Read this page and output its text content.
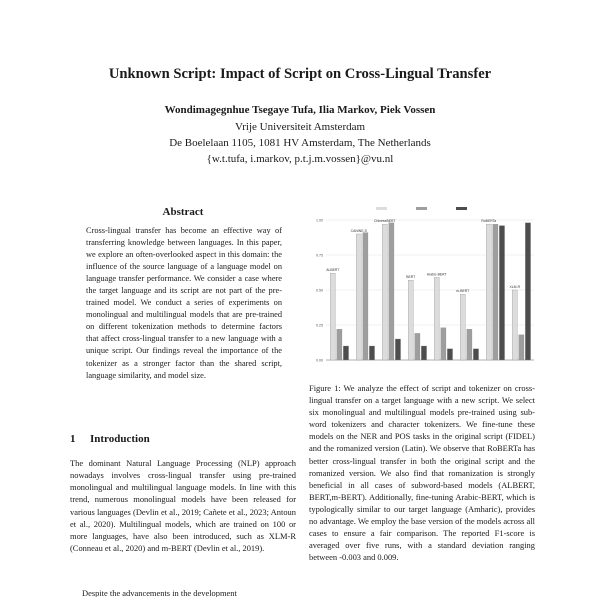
Unknown Script: Impact of Script on Cross-Lingual Transfer
Wondimagegnhue Tsegaye Tufa, Ilia Markov, Piek Vossen
Vrije Universiteit Amsterdam
De Boelelaan 1105, 1081 HV Amsterdam, The Netherlands
{w.t.tufa, i.markov, p.t.j.m.vossen}@vu.nl
Abstract

Cross-lingual transfer has become an effective way of transferring knowledge between languages. In this paper, we explore an often-overlooked aspect in this domain: the influence of the source language of a language model on language transfer performance. We consider a case where the target language and its script are not part of the pre-trained model. We conduct a series of experiments on monolingual and multilingual models that are pre-trained on different tokenization methods to determine factors that affect cross-lingual transfer to a new language with a unique script. Our findings reveal the importance of the tokenizer as a stronger factor than the shared script, language similarity, and model size.

1 Introduction

The dominant Natural Language Processing (NLP) approach nowadays involves cross-lingual transfer using pre-trained monolingual and multilingual language models. In line with this trend, numerous monolingual models have been released for various languages (Devlin et al., 2019; Cañete et al., 2023; Antoun et al., 2020). Multilingual models, which are trained on 100 or more languages, have also been introduced, such as XLM-R (Conneau et al., 2020) and m-BERT (Devlin et al., 2019).

Despite the advancements in the development
1.00
0.75
0.50
0.25
0.00
ALBERT
CANINE-S
ChineseBERT
BERT
Arabic-BERT
m-BERT
RoBERTa
XLM-R

Figure 1: We analyze the effect of script and tokenizer on cross-lingual transfer on a target language with a new script. We select six monolingual and multilingual models pre-trained using sub-word tokenizers and character tokenizers. We fine-tune these models on the NER and POS tasks in the original script (FIDEL) and the romanized version (Latin). We observe that RoBERTa has better cross-lingual transfer in both the original script and the romanized version. We also find that romanization is strongly beneficial in all cases of subword-based models (ALBERT, BERT,m-BERT). Additionally, fine-tuning Arabic-BERT, which is typologically similar to our target language (Amharic), provides no advantage. We employ the base version of the models across all cases to ensure a fair comparison. The reported F1-score is averaged over five runs, with a standard deviation ranging between -0.003 and 0.009.
